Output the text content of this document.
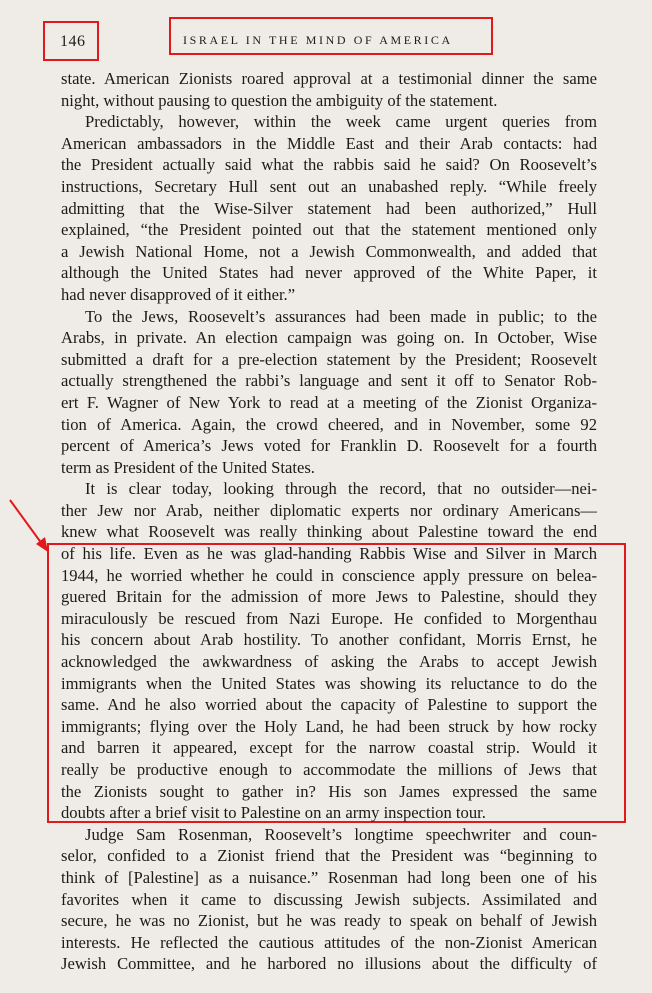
146	ISRAEL IN THE MIND OF AMERICA
state. American Zionists roared approval at a testimonial dinner the same
night, without pausing to question the ambiguity of the statement.
Predictably, however, within the week came urgent queries from
American ambassadors in the Middle East and their Arab contacts: had
the President actually said what the rabbis said he said? On Roosevelt’s
instructions, Secretary Hull sent out an unabashed reply. “While freely
admitting that the Wise-Silver statement had been authorized,” Hull
explained, “the President pointed out that the statement mentioned only
a Jewish National Home, not a Jewish Commonwealth, and added that
although the United States had never approved of the White Paper, it
had never disapproved of it either.”
To the Jews, Roosevelt’s assurances had been made in public; to the
Arabs, in private. An election campaign was going on. In October, Wise
submitted a draft for a pre-election statement by the President; Roosevelt
actually strengthened the rabbi’s language and sent it off to Senator Rob-
ert F. Wagner of New York to read at a meeting of the Zionist Organiza-
tion of America. Again, the crowd cheered, and in November, some 92
percent of America’s Jews voted for Franklin D. Roosevelt for a fourth
term as President of the United States.
It is clear today, looking through the record, that no outsider—nei-
ther Jew nor Arab, neither diplomatic experts nor ordinary Americans—
knew what Roosevelt was really thinking about Palestine toward the end
of his life. Even as he was glad-handing Rabbis Wise and Silver in March
1944, he worried whether he could in conscience apply pressure on belea-
guered Britain for the admission of more Jews to Palestine, should they
miraculously be rescued from Nazi Europe. He confided to Morgenthau
his concern about Arab hostility. To another confidant, Morris Ernst, he
acknowledged the awkwardness of asking the Arabs to accept Jewish
immigrants when the United States was showing its reluctance to do the
same. And he also worried about the capacity of Palestine to support the
immigrants; flying over the Holy Land, he had been struck by how rocky
and barren it appeared, except for the narrow coastal strip. Would it
really be productive enough to accommodate the millions of Jews that
the Zionists sought to gather in? His son James expressed the same
doubts after a brief visit to Palestine on an army inspection tour.
Judge Sam Rosenman, Roosevelt’s longtime speechwriter and coun-
selor, confided to a Zionist friend that the President was “beginning to
think of [Palestine] as a nuisance.” Rosenman had long been one of his
favorites when it came to discussing Jewish subjects. Assimilated and
secure, he was no Zionist, but he was ready to speak on behalf of Jewish
interests. He reflected the cautious attitudes of the non-Zionist American
Jewish Committee, and he harbored no illusions about the difficulty of
